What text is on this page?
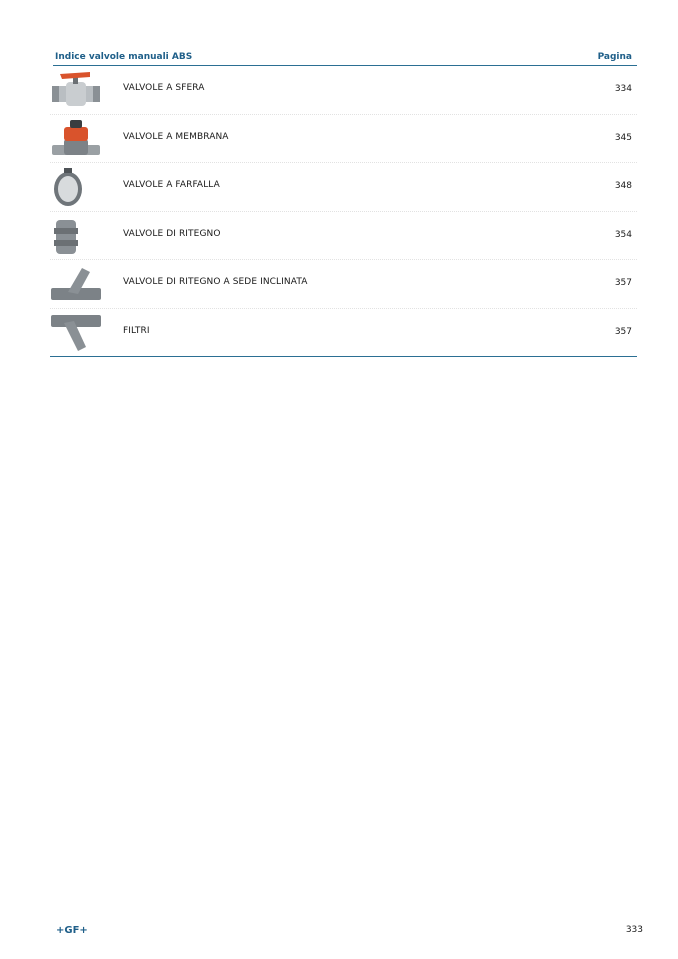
Indice valvole manuali ABS	Pagina
VALVOLE A SFERA	334
VALVOLE A MEMBRANA	345
VALVOLE A FARFALLA	348
VALVOLE DI RITEGNO	354
VALVOLE DI RITEGNO A SEDE INCLINATA	357
FILTRI	357
+GF+	333
